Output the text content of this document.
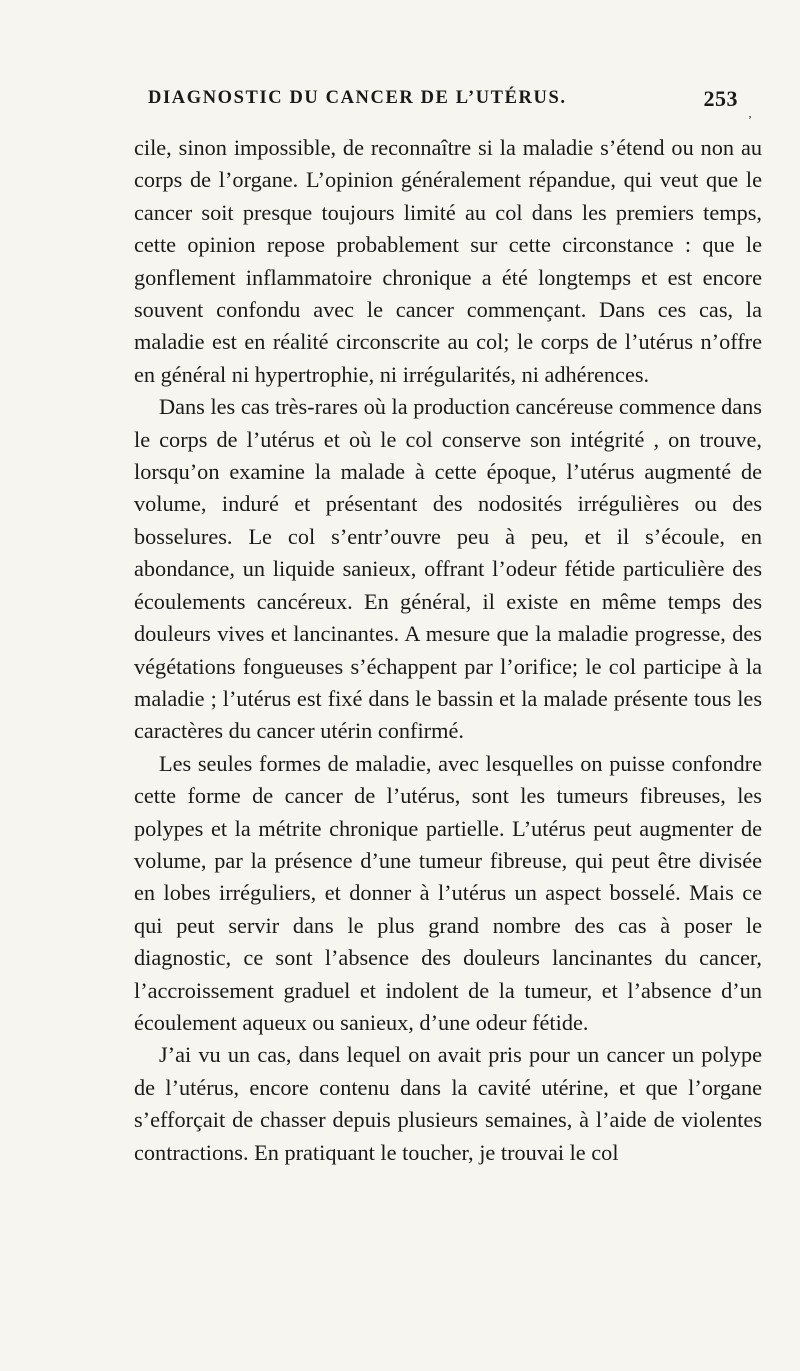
DIAGNOSTIC DU CANCER DE L’UTÉRUS.	253
‚

cile, sinon impossible, de reconnaître si la maladie s’étend ou non au corps de l’organe. L’opinion généralement répandue, qui veut que le cancer soit presque toujours limité au col dans les premiers temps, cette opinion repose probablement sur cette circonstance : que le gonflement inflammatoire chronique a été longtemps et est encore souvent confondu avec le cancer commençant. Dans ces cas, la maladie est en réalité circonscrite au col; le corps de l’utérus n’offre en général ni hypertrophie, ni irrégularités, ni adhérences.

Dans les cas très-rares où la production cancéreuse commence dans le corps de l’utérus et où le col conserve son intégrité , on trouve, lorsqu’on examine la malade à cette époque, l’utérus augmenté de volume, induré et présentant des nodosités irrégulières ou des bosselures. Le col s’entr’ouvre peu à peu, et il s’écoule, en abondance, un liquide sanieux, offrant l’odeur fétide particulière des écoulements cancéreux. En général, il existe en même temps des douleurs vives et lancinantes. A mesure que la maladie progresse, des végétations fongueuses s’échappent par l’orifice; le col participe à la maladie ; l’utérus est fixé dans le bassin et la malade présente tous les caractères du cancer utérin confirmé.

Les seules formes de maladie, avec lesquelles on puisse confondre cette forme de cancer de l’utérus, sont les tumeurs fibreuses, les polypes et la métrite chronique partielle. L’utérus peut augmenter de volume, par la présence d’une tumeur fibreuse, qui peut être divisée en lobes irréguliers, et donner à l’utérus un aspect bosselé. Mais ce qui peut servir dans le plus grand nombre des cas à poser le diagnostic, ce sont l’absence des douleurs lancinantes du cancer, l’accroissement graduel et indolent de la tumeur, et l’absence d’un écoulement aqueux ou sanieux, d’une odeur fétide.

J’ai vu un cas, dans lequel on avait pris pour un cancer un polype de l’utérus, encore contenu dans la cavité utérine, et que l’organe s’efforçait de chasser depuis plusieurs semaines, à l’aide de violentes contractions. En pratiquant le toucher, je trouvai le col
